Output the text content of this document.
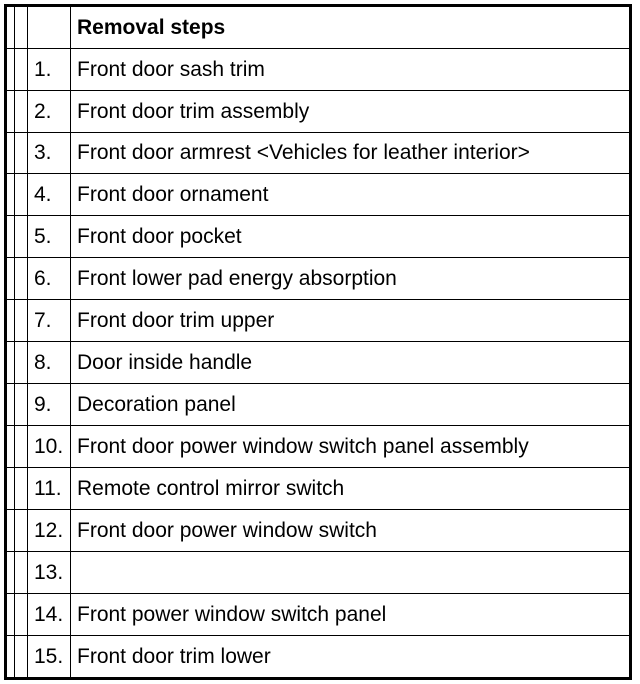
			Removal steps
		1.	Front door sash trim
		2.	Front door trim assembly
		3.	Front door armrest <Vehicles for leather interior>
		4.	Front door ornament
		5.	Front door pocket
		6.	Front lower pad energy absorption
		7.	Front door trim upper
		8.	Door inside handle
		9.	Decoration panel
		10.	Front door power window switch panel assembly
		11.	Remote control mirror switch
		12.	Front door power window switch
		13.	
		14.	Front power window switch panel
		15.	Front door trim lower
